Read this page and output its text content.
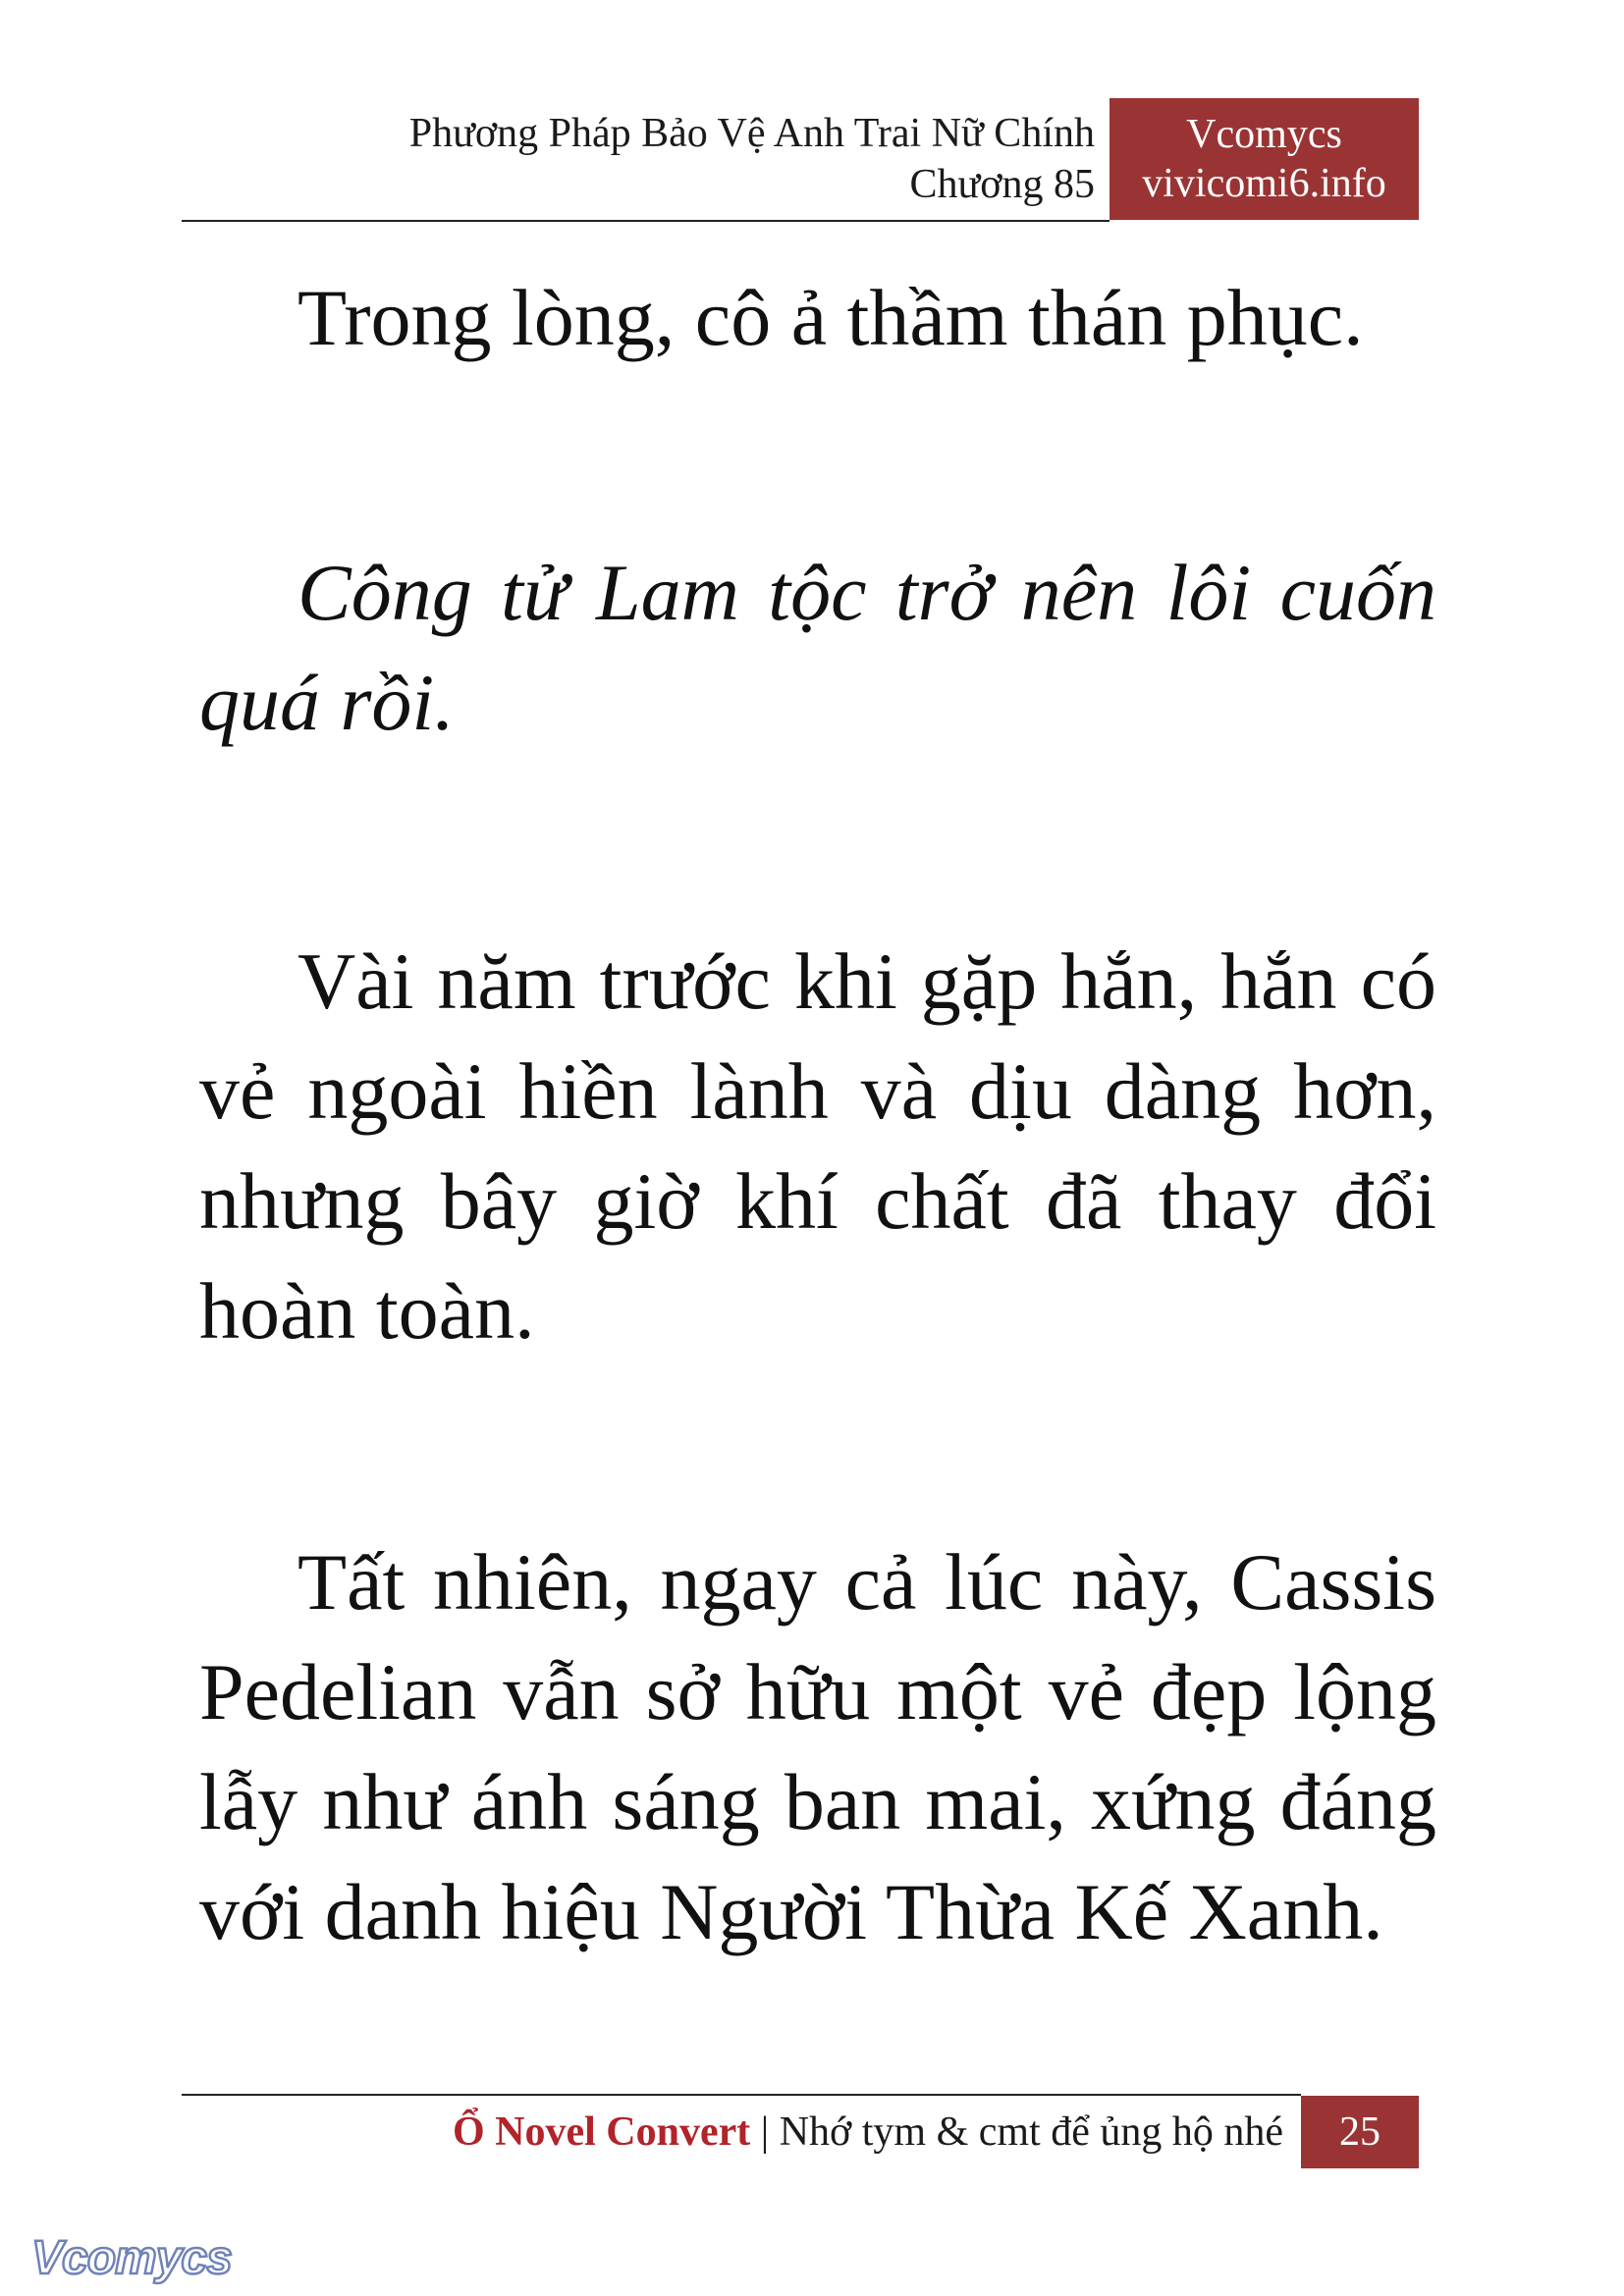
Phương Pháp Bảo Vệ Anh Trai Nữ Chính
Chương 85
Vcomycs
vivicomi6.info

Trong lòng, cô ả thầm thán phục.

Công tử Lam tộc trở nên lôi cuốn quá rồi.

Vài năm trước khi gặp hắn, hắn có vẻ ngoài hiền lành và dịu dàng hơn, nhưng bây giờ khí chất đã thay đổi hoàn toàn.

Tất nhiên, ngay cả lúc này, Cassis Pedelian vẫn sở hữu một vẻ đẹp lộng lẫy như ánh sáng ban mai, xứng đáng với danh hiệu Người Thừa Kế Xanh.

Ổ Novel Convert | Nhớ tym & cmt để ủng hộ nhé	25
Vcomycs
